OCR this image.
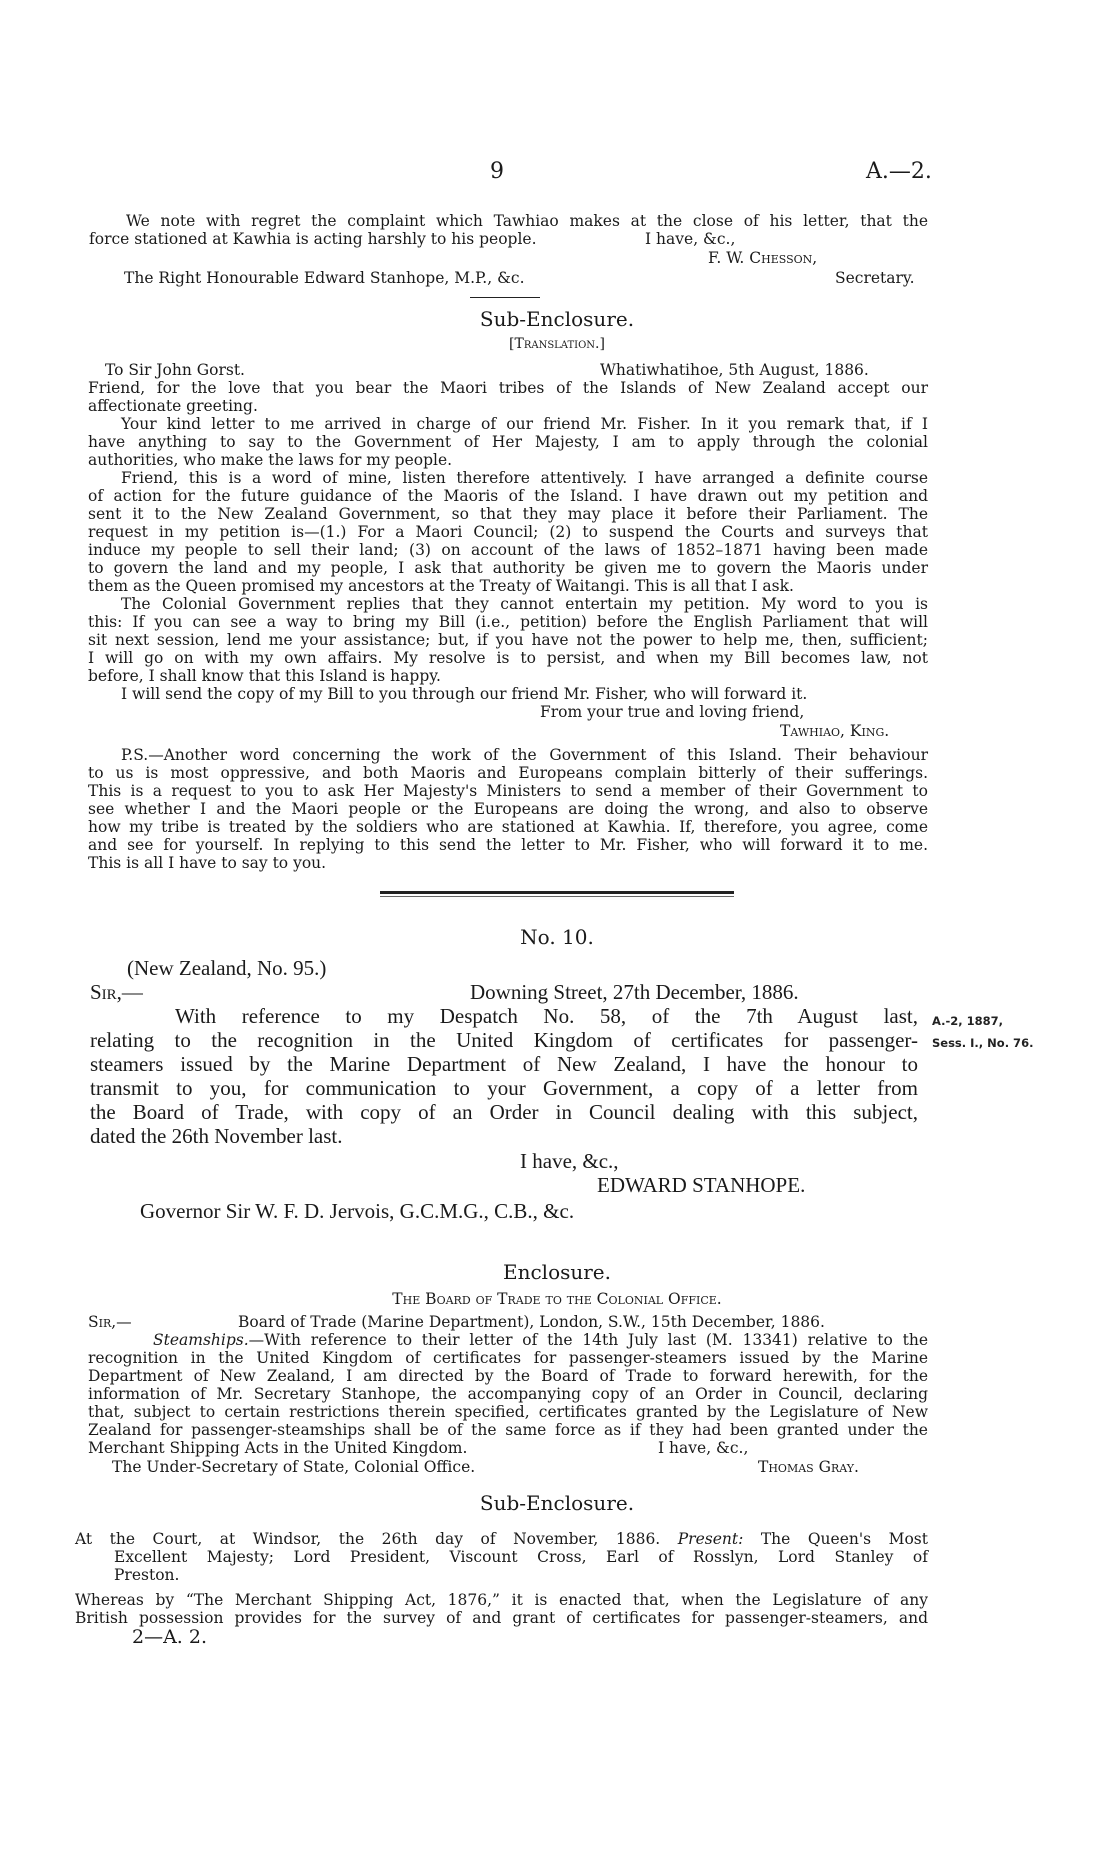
9	A.—2.
We note with regret the complaint which Tawhiao makes at the close of his letter, that the
force stationed at Kawhia is acting harshly to his people.	I have, &c.,
F. W. Chesson,
The Right Honourable Edward Stanhope, M.P., &c.	Secretary.
Sub-Enclosure.
[Translation.]
To Sir John Gorst.	Whatiwhatihoe, 5th August, 1886.
Friend, for the love that you bear the Maori tribes of the Islands of New Zealand accept our
affectionate greeting.
Your kind letter to me arrived in charge of our friend Mr. Fisher. In it you remark that, if I
have anything to say to the Government of Her Majesty, I am to apply through the colonial
authorities, who make the laws for my people.
Friend, this is a word of mine, listen therefore attentively. I have arranged a definite course
of action for the future guidance of the Maoris of the Island. I have drawn out my petition and
sent it to the New Zealand Government, so that they may place it before their Parliament. The
request in my petition is—(1.) For a Maori Council; (2) to suspend the Courts and surveys that
induce my people to sell their land; (3) on account of the laws of 1852–1871 having been made
to govern the land and my people, I ask that authority be given me to govern the Maoris under
them as the Queen promised my ancestors at the Treaty of Waitangi. This is all that I ask.
The Colonial Government replies that they cannot entertain my petition. My word to you is
this: If you can see a way to bring my Bill (i.e., petition) before the English Parliament that will
sit next session, lend me your assistance; but, if you have not the power to help me, then, sufficient;
I will go on with my own affairs. My resolve is to persist, and when my Bill becomes law, not
before, I shall know that this Island is happy.
I will send the copy of my Bill to you through our friend Mr. Fisher, who will forward it.
From your true and loving friend,
Tawhiao, King.
P.S.—Another word concerning the work of the Government of this Island. Their behaviour
to us is most oppressive, and both Maoris and Europeans complain bitterly of their sufferings.
This is a request to you to ask Her Majesty's Ministers to send a member of their Government to
see whether I and the Maori people or the Europeans are doing the wrong, and also to observe
how my tribe is treated by the soldiers who are stationed at Kawhia. If, therefore, you agree, come
and see for yourself. In replying to this send the letter to Mr. Fisher, who will forward it to me.
This is all I have to say to you.
No. 10.
(New Zealand, No. 95.)
Sir,—	Downing Street, 27th December, 1886.
With reference to my Despatch No. 58, of the 7th August last,
relating to the recognition in the United Kingdom of certificates for passenger-
steamers issued by the Marine Department of New Zealand, I have the honour to
transmit to you, for communication to your Government, a copy of a letter from
the Board of Trade, with copy of an Order in Council dealing with this subject,
dated the 26th November last.
A.-2, 1887,
Sess. I., No. 76.
I have, &c.,
EDWARD STANHOPE.
Governor Sir W. F. D. Jervois, G.C.M.G., C.B., &c.
Enclosure.
The Board of Trade to the Colonial Office.
Sir,—	Board of Trade (Marine Department), London, S.W., 15th December, 1886.
Steamships.—With reference to their letter of the 14th July last (M. 13341) relative to the
recognition in the United Kingdom of certificates for passenger-steamers issued by the Marine
Department of New Zealand, I am directed by the Board of Trade to forward herewith, for the
information of Mr. Secretary Stanhope, the accompanying copy of an Order in Council, declaring
that, subject to certain restrictions therein specified, certificates granted by the Legislature of New
Zealand for passenger-steamships shall be of the same force as if they had been granted under the
Merchant Shipping Acts in the United Kingdom.	I have, &c.,
The Under-Secretary of State, Colonial Office.	Thomas Gray.
Sub-Enclosure.
At the Court, at Windsor, the 26th day of November, 1886. Present: The Queen's Most
Excellent Majesty; Lord President, Viscount Cross, Earl of Rosslyn, Lord Stanley of
Preston.
Whereas by “The Merchant Shipping Act, 1876,” it is enacted that, when the Legislature of any
British possession provides for the survey of and grant of certificates for passenger-steamers, and
2—A. 2.
